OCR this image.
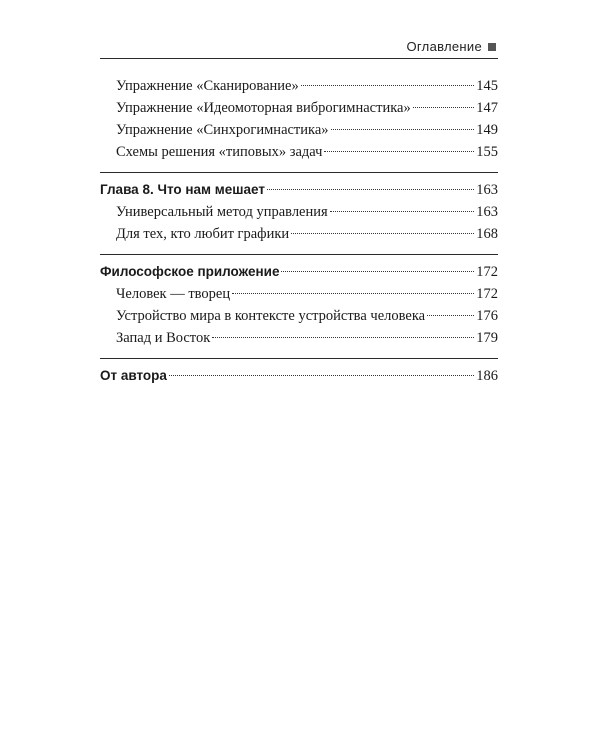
Оглавление
Упражнение «Сканирование»	145
Упражнение «Идеомоторная виброгимнастика»	147
Упражнение «Синхрогимнастика»	149
Схемы решения «типовых» задач	155
Глава 8. Что нам мешает	163
Универсальный метод управления	163
Для тех, кто любит графики	168
Философское приложение	172
Человек — творец	172
Устройство мира в контексте устройства человека	176
Запад и Восток	179
От автора	186
